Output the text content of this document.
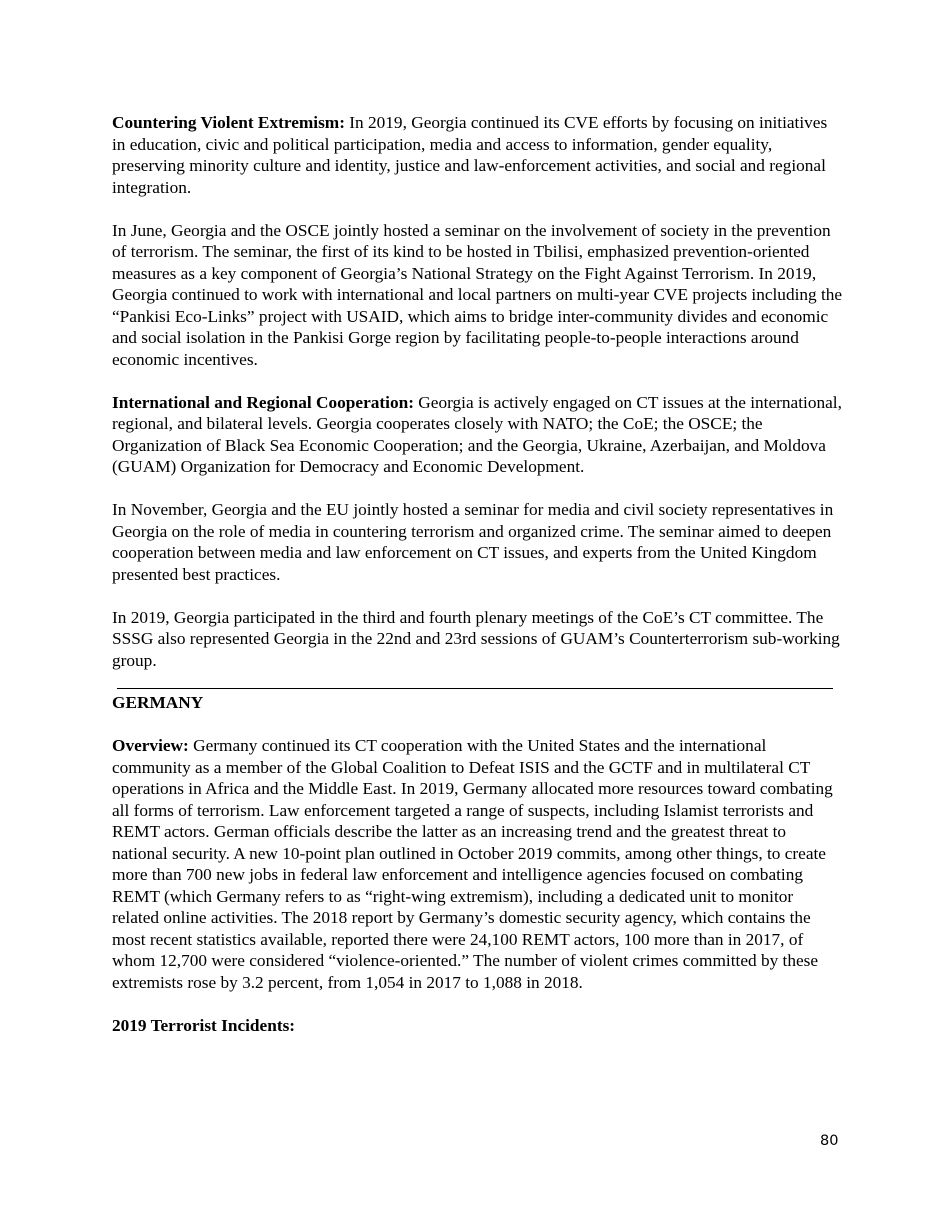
Countering Violent Extremism: In 2019, Georgia continued its CVE efforts by focusing on initiatives in education, civic and political participation, media and access to information, gender equality, preserving minority culture and identity, justice and law-enforcement activities, and social and regional integration.

In June, Georgia and the OSCE jointly hosted a seminar on the involvement of society in the prevention of terrorism. The seminar, the first of its kind to be hosted in Tbilisi, emphasized prevention-oriented measures as a key component of Georgia’s National Strategy on the Fight Against Terrorism. In 2019, Georgia continued to work with international and local partners on multi-year CVE projects including the “Pankisi Eco-Links” project with USAID, which aims to bridge inter-community divides and economic and social isolation in the Pankisi Gorge region by facilitating people-to-people interactions around economic incentives.

International and Regional Cooperation: Georgia is actively engaged on CT issues at the international, regional, and bilateral levels. Georgia cooperates closely with NATO; the CoE; the OSCE; the Organization of Black Sea Economic Cooperation; and the Georgia, Ukraine, Azerbaijan, and Moldova (GUAM) Organization for Democracy and Economic Development.

In November, Georgia and the EU jointly hosted a seminar for media and civil society representatives in Georgia on the role of media in countering terrorism and organized crime. The seminar aimed to deepen cooperation between media and law enforcement on CT issues, and experts from the United Kingdom presented best practices.

In 2019, Georgia participated in the third and fourth plenary meetings of the CoE’s CT committee. The SSSG also represented Georgia in the 22nd and 23rd sessions of GUAM’s Counterterrorism sub-working group.

GERMANY

Overview: Germany continued its CT cooperation with the United States and the international community as a member of the Global Coalition to Defeat ISIS and the GCTF and in multilateral CT operations in Africa and the Middle East. In 2019, Germany allocated more resources toward combating all forms of terrorism. Law enforcement targeted a range of suspects, including Islamist terrorists and REMT actors. German officials describe the latter as an increasing trend and the greatest threat to national security. A new 10-point plan outlined in October 2019 commits, among other things, to create more than 700 new jobs in federal law enforcement and intelligence agencies focused on combating REMT (which Germany refers to as “right-wing extremism), including a dedicated unit to monitor related online activities. The 2018 report by Germany’s domestic security agency, which contains the most recent statistics available, reported there were 24,100 REMT actors, 100 more than in 2017, of whom 12,700 were considered “violence-oriented.” The number of violent crimes committed by these extremists rose by 3.2 percent, from 1,054 in 2017 to 1,088 in 2018.

2019 Terrorist Incidents:

80
